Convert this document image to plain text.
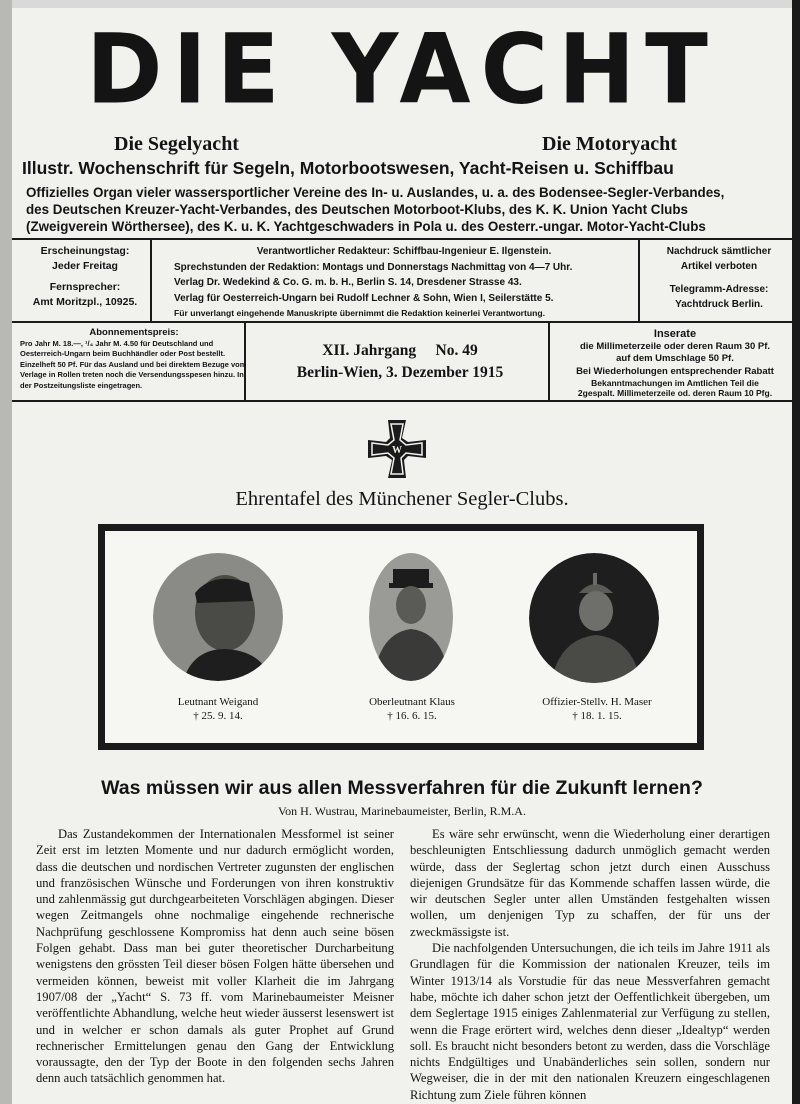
DIE YACHT
Die Segelyacht	Die Motoryacht
Illustr. Wochenschrift für Segeln, Motorbootswesen, Yacht-Reisen u. Schiffbau
Offizielles Organ vieler wassersportlicher Vereine des In- u. Auslandes, u. a. des Bodensee-Segler-Verbandes,
des Deutschen Kreuzer-Yacht-Verbandes, des Deutschen Motorboot-Klubs, des K. K. Union Yacht Clubs
(Zweigverein Wörthersee), des K. u. K. Yachtgeschwaders in Pola u. des Oesterr.-ungar. Motor-Yacht-Clubs
Erscheinungstag:
Jeder Freitag
Fernsprecher:
Amt Moritzpl., 10925.
Verantwortlicher Redakteur: Schiffbau-Ingenieur E. Ilgenstein.
Sprechstunden der Redaktion: Montags und Donnerstags Nachmittag von 4—7 Uhr.
Verlag Dr. Wedekind & Co. G. m. b. H., Berlin S. 14, Dresdener Strasse 43.
Verlag für Oesterreich-Ungarn bei Rudolf Lechner & Sohn, Wien I, Seilerstätte 5.
Für unverlangt eingehende Manuskripte übernimmt die Redaktion keinerlei Verantwortung.
Nachdruck sämtlicher Artikel verboten
Telegramm-Adresse:
Yachtdruck Berlin.
Abonnementspreis:
Pro Jahr M. 18.—, ¹/₄ Jahr M. 4.50 für Deutschland und Oesterreich-Ungarn beim Buchhändler oder Post bestellt. Einzelheft 50 Pf. Für das Ausland und bei direktem Bezuge vom Verlage in Rollen treten noch die Versendungsspesen hinzu. In der Postzeitungsliste eingetragen.
XII. Jahrgang No. 49
Berlin-Wien, 3. Dezember 1915
Inserate
die Millimeterzeile oder deren Raum 30 Pf.
auf dem Umschlage 50 Pf.
Bei Wiederholungen entsprechender Rabatt
Bekanntmachungen im Amtlichen Teil die
2gespalt. Millimeterzeile od. deren Raum 10 Pfg.
W
Ehrentafel des Münchener Segler-Clubs.
Leutnant Weigand
† 25. 9. 14.
Oberleutnant Klaus
† 16. 6. 15.
Offizier-Stellv. H. Maser
† 18. 1. 15.
Was müssen wir aus allen Messverfahren für die Zukunft lernen?
Von H. Wustrau, Marinebaumeister, Berlin, R.M.A.

Das Zustandekommen der Internationalen Messformel ist seiner Zeit erst im letzten Momente und nur dadurch ermöglicht worden, dass die deutschen und nordischen Vertreter zugunsten der englischen und französischen Wünsche und Forderungen von ihren konstruktiv und zahlenmässig gut durchgearbeiteten Vorschlägen abgingen. Dieser wegen Zeitmangels ohne nochmalige eingehende rechnerische Nachprüfung geschlossene Kompromiss hat denn auch seine bösen Folgen gehabt. Dass man bei guter theoretischer Durcharbeitung wenigstens den grössten Teil dieser bösen Folgen hätte übersehen und vermeiden können, beweist mit voller Klarheit die im Jahrgang 1907/08 der „Yacht“ S. 73 ff. vom Marinebaumeister Meisner veröffentlichte Abhandlung, welche heut wieder äusserst lesenswert ist und in welcher er schon damals als guter Prophet auf Grund rechnerischer Ermittelungen genau den Gang der Entwicklung voraussagte, den der Typ der Boote in den folgenden sechs Jahren denn auch tatsächlich genommen hat.

Es wäre sehr erwünscht, wenn die Wiederholung einer derartigen beschleunigten Entschliessung dadurch unmöglich gemacht werden würde, dass der Seglertag schon jetzt durch einen Ausschuss diejenigen Grundsätze für das Kommende schaffen lassen würde, die wir deutschen Segler unter allen Umständen festgehalten wissen wollen, um denjenigen Typ zu schaffen, der für uns der zweckmässigste ist.

Die nachfolgenden Untersuchungen, die ich teils im Jahre 1911 als Grundlagen für die Kommission der nationalen Kreuzer, teils im Winter 1913/14 als Vorstudie für das neue Messverfahren gemacht habe, möchte ich daher schon jetzt der Oeffentlichkeit übergeben, um dem Seglertage 1915 einiges Zahlenmaterial zur Verfügung zu stellen, wenn die Frage erörtert wird, welches denn dieser „Idealtyp“ werden soll. Es braucht nicht besonders betont zu werden, dass die Vorschläge nichts Endgültiges und Unabänderliches sein sollen, sondern nur Wegweiser, die in der mit den nationalen Kreuzern eingeschlagenen Richtung zum Ziele führen können
